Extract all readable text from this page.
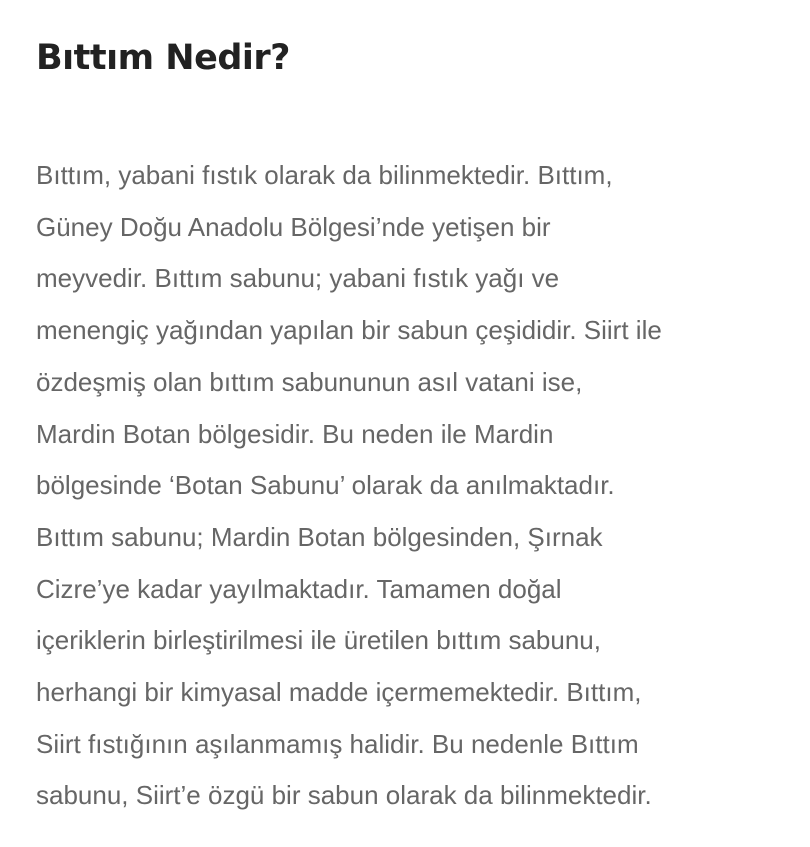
Bıttım Nedir?
Bıttım, yabani fıstık olarak da bilinmektedir. Bıttım,
Güney Doğu Anadolu Bölgesi’nde yetişen bir
meyvedir. Bıttım sabunu; yabani fıstık yağı ve
menengiç yağından yapılan bir sabun çeşididir. Siirt ile
özdeşmiş olan bıttım sabununun asıl vatani ise,
Mardin Botan bölgesidir. Bu neden ile Mardin
bölgesinde ‘Botan Sabunu’ olarak da anılmaktadır.
Bıttım sabunu; Mardin Botan bölgesinden, Şırnak
Cizre’ye kadar yayılmaktadır. Tamamen doğal
içeriklerin birleştirilmesi ile üretilen bıttım sabunu,
herhangi bir kimyasal madde içermemektedir. Bıttım,
Siirt fıstığının aşılanmamış halidir. Bu nedenle Bıttım
sabunu, Siirt’e özgü bir sabun olarak da bilinmektedir.
